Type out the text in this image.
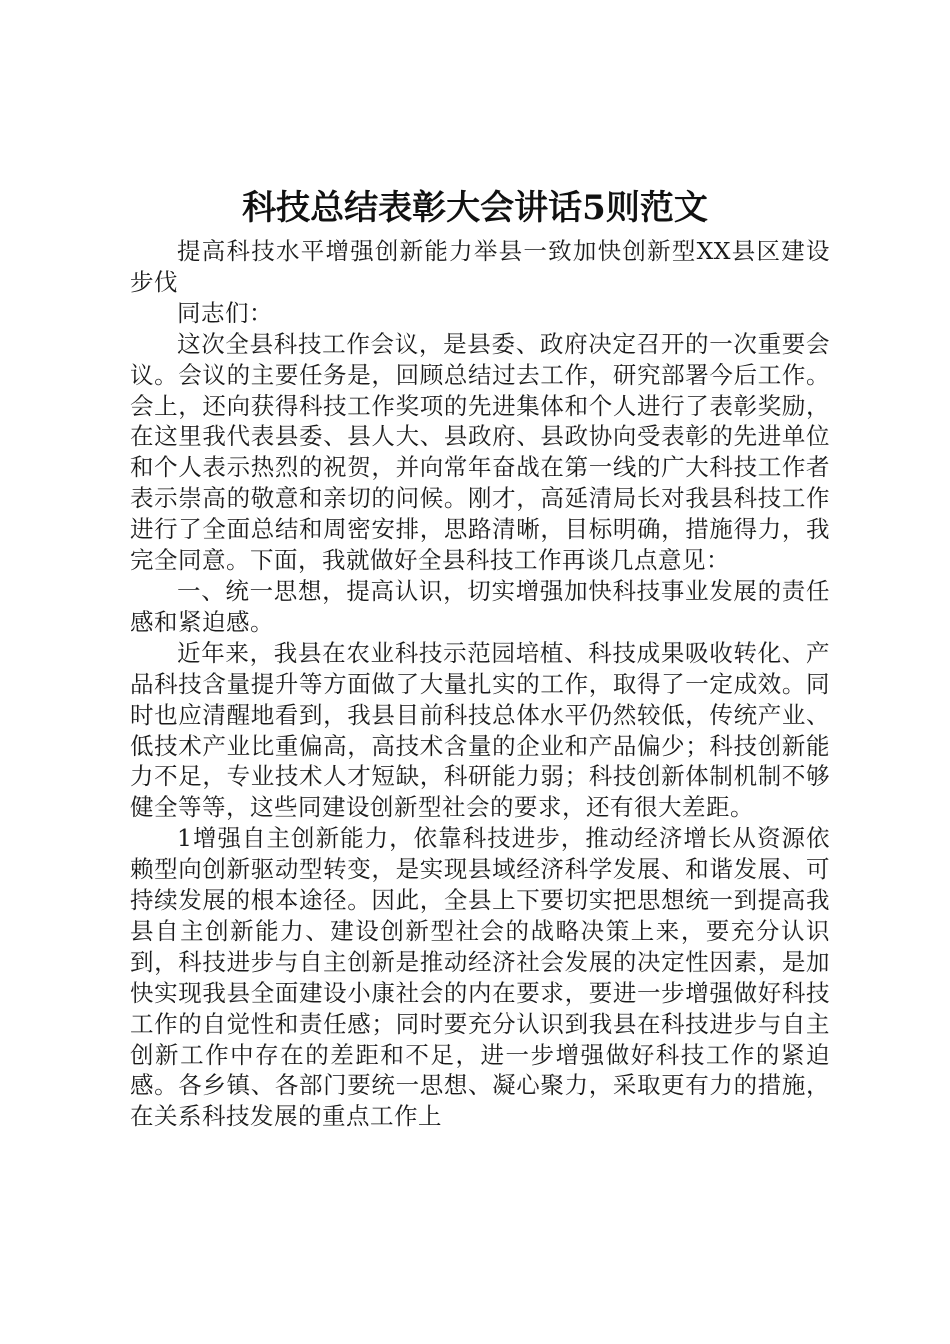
科技总结表彰大会讲话5则范文

提高科技水平增强创新能力举县一致加快创新型XX县区建设步伐

同志们：

这次全县科技工作会议，是县委、政府决定召开的一次重要会议。会议的主要任务是，回顾总结过去工作，研究部署今后工作。会上，还向获得科技工作奖项的先进集体和个人进行了表彰奖励，在这里我代表县委、县人大、县政府、县政协向受表彰的先进单位和个人表示热烈的祝贺，并向常年奋战在第一线的广大科技工作者表示崇高的敬意和亲切的问候。刚才，高延清局长对我县科技工作进行了全面总结和周密安排，思路清晰，目标明确，措施得力，我完全同意。下面，我就做好全县科技工作再谈几点意见：

一、统一思想，提高认识，切实增强加快科技事业发展的责任感和紧迫感。

近年来，我县在农业科技示范园培植、科技成果吸收转化、产品科技含量提升等方面做了大量扎实的工作，取得了一定成效。同时也应清醒地看到，我县目前科技总体水平仍然较低，传统产业、低技术产业比重偏高，高技术含量的企业和产品偏少；科技创新能力不足，专业技术人才短缺，科研能力弱；科技创新体制机制不够健全等等，这些同建设创新型社会的要求，还有很大差距。

1增强自主创新能力，依靠科技进步，推动经济增长从资源依赖型向创新驱动型转变，是实现县域经济科学发展、和谐发展、可持续发展的根本途径。因此，全县上下要切实把思想统一到提高我县自主创新能力、建设创新型社会的战略决策上来，要充分认识到，科技进步与自主创新是推动经济社会发展的决定性因素，是加快实现我县全面建设小康社会的内在要求，要进一步增强做好科技工作的自觉性和责任感；同时要充分认识到我县在科技进步与自主创新工作中存在的差距和不足，进一步增强做好科技工作的紧迫感。各乡镇、各部门要统一思想、凝心聚力，采取更有力的措施，在关系科技发展的重点工作上
